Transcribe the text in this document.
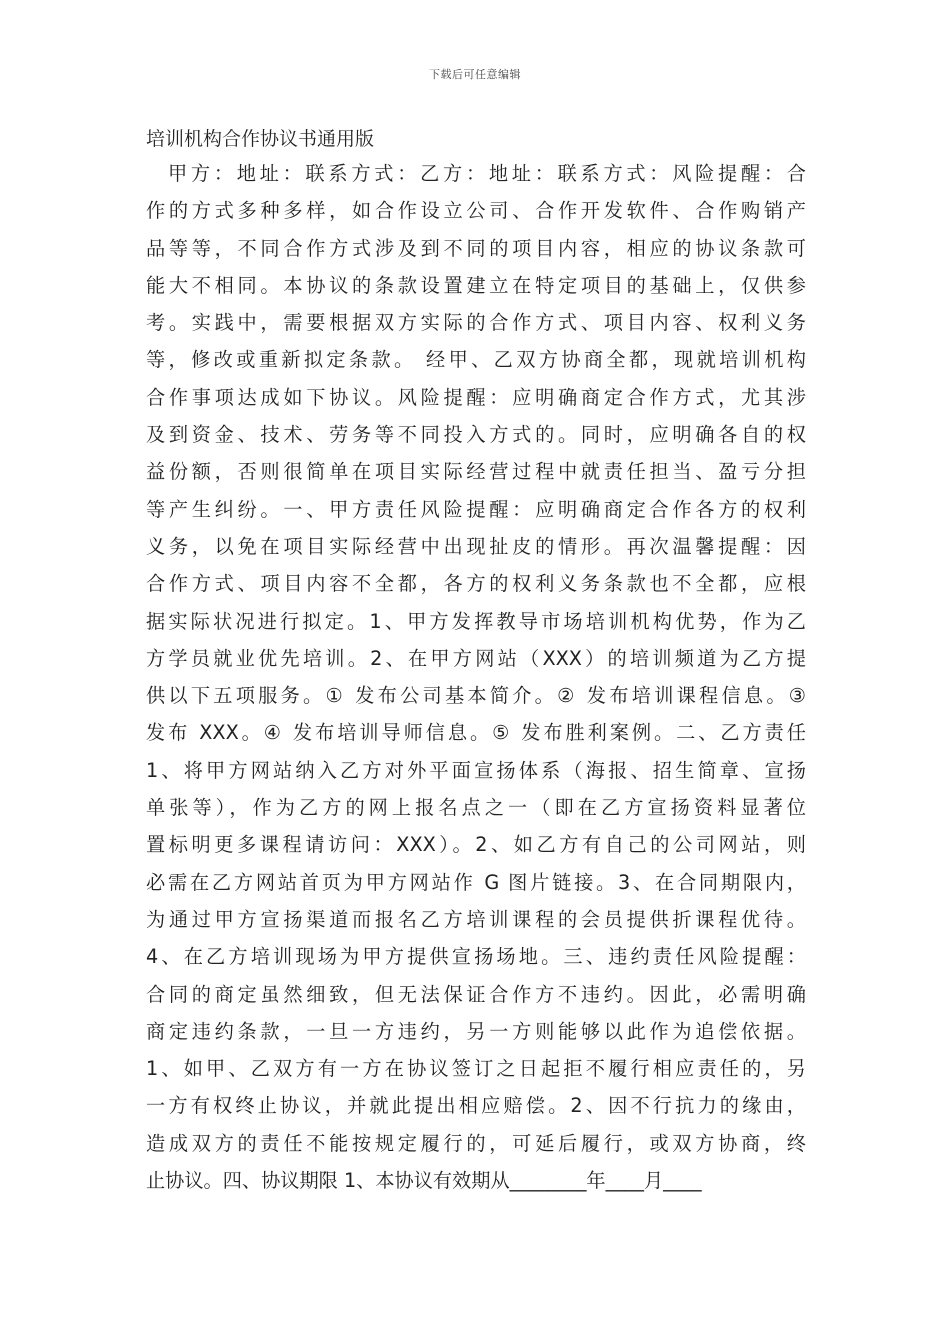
下载后可任意编辑
培训机构合作协议书通用版
甲方：地址：联系方式：乙方：地址：联系方式：风险提醒：合
作的方式多种多样，如合作设立公司、合作开发软件、合作购销产
品等等，不同合作方式涉及到不同的项目内容，相应的协议条款可
能大不相同。本协议的条款设置建立在特定项目的基础上，仅供参
考。实践中，需要根据双方实际的合作方式、项目内容、权利义务
等，修改或重新拟定条款。 经甲、乙双方协商全都，现就培训机构
合作事项达成如下协议。风险提醒：应明确商定合作方式，尤其涉
及到资金、技术、劳务等不同投入方式的。同时，应明确各自的权
益份额，否则很简单在项目实际经营过程中就责任担当、盈亏分担
等产生纠纷。一、甲方责任风险提醒：应明确商定合作各方的权利
义务，以免在项目实际经营中出现扯皮的情形。再次温馨提醒：因
合作方式、项目内容不全都，各方的权利义务条款也不全都，应根
据实际状况进行拟定。1、甲方发挥教导市场培训机构优势，作为乙
方学员就业优先培训。2、在甲方网站（XXX）的培训频道为乙方提
供以下五项服务。① 发布公司基本简介。② 发布培训课程信息。③
发布 XXX。④ 发布培训导师信息。⑤ 发布胜利案例。二、乙方责任
1、将甲方网站纳入乙方对外平面宣扬体系（海报、招生简章、宣扬
单张等），作为乙方的网上报名点之一（即在乙方宣扬资料显著位
置标明更多课程请访问：XXX）。2、如乙方有自己的公司网站，则
必需在乙方网站首页为甲方网站作 G 图片链接。3、在合同期限内，
为通过甲方宣扬渠道而报名乙方培训课程的会员提供折课程优待。
4、在乙方培训现场为甲方提供宣扬场地。三、违约责任风险提醒：
合同的商定虽然细致，但无法保证合作方不违约。因此，必需明确
商定违约条款，一旦一方违约，另一方则能够以此作为追偿依据。
1、如甲、乙双方有一方在协议签订之日起拒不履行相应责任的，另
一方有权终止协议，并就此提出相应赔偿。2、因不行抗力的缘由，
造成双方的责任不能按规定履行的，可延后履行，或双方协商，终
止协议。四、协议期限 1、本协议有效期从________年____月____
